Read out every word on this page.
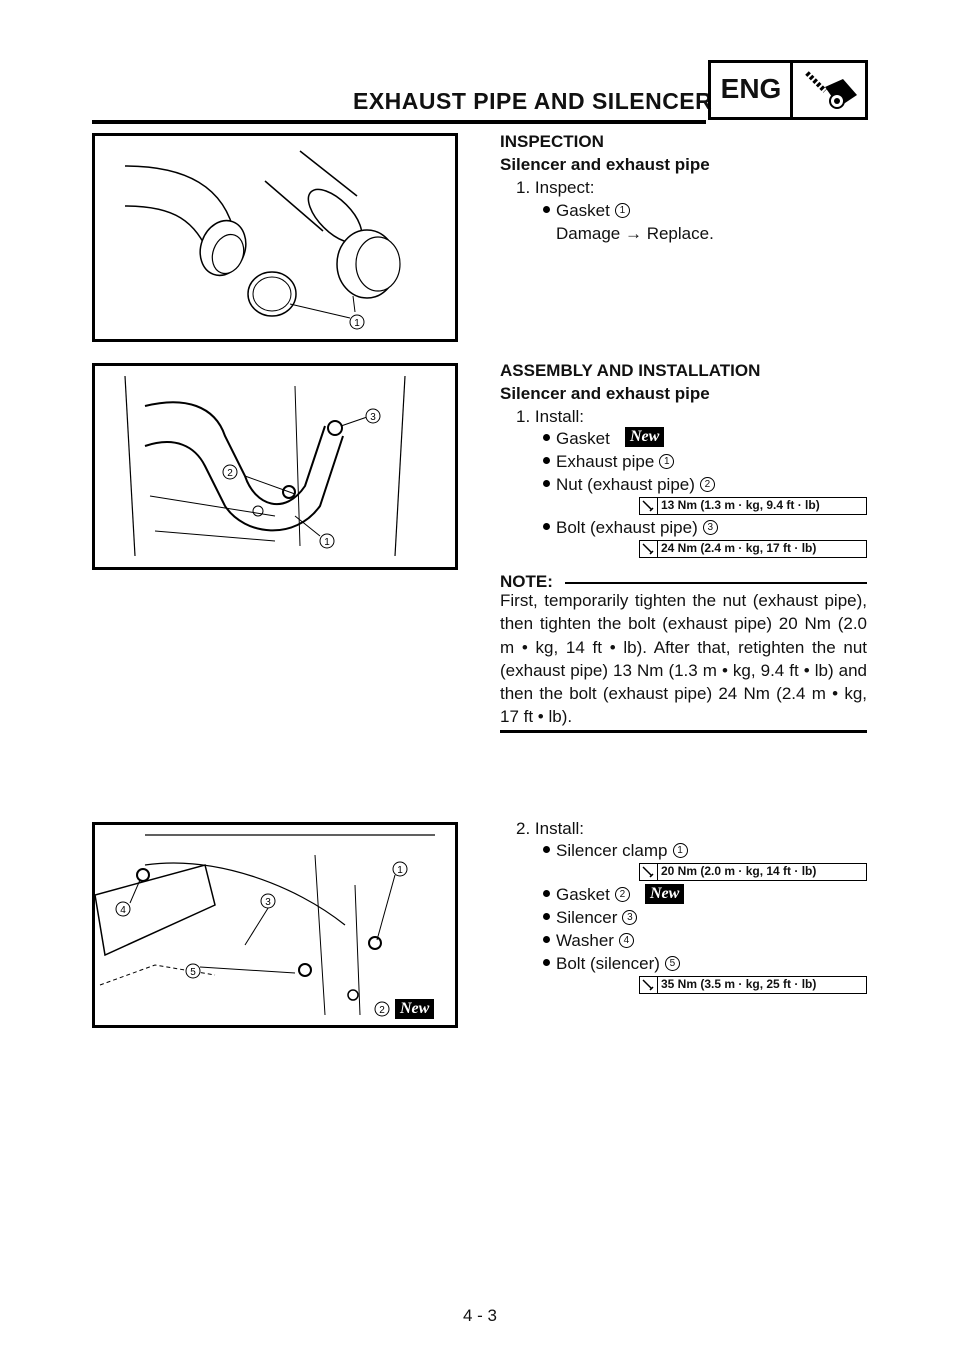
EXHAUST PIPE AND SILENCER ENG
1
INSPECTION
Silencer and exhaust pipe
1. Inspect:
Gasket 1
Damage → Replace.
3
2
1
ASSEMBLY AND INSTALLATION
Silencer and exhaust pipe
1. Install:
Gasket	New
Exhaust pipe 1
Nut (exhaust pipe) 2
13 Nm (1.3 m · kg, 9.4 ft · lb)
Bolt (exhaust pipe) 3
24 Nm (2.4 m · kg, 17 ft · lb)
NOTE:
First, temporarily tighten the nut (exhaust pipe), then tighten the bolt (exhaust pipe) 20 Nm (2.0 m • kg, 14 ft • lb). After that, retighten the nut (exhaust pipe) 13 Nm (1.3 m • kg, 9.4 ft • lb) and then the bolt (exhaust pipe) 24 Nm (2.4 m • kg, 17 ft • lb).
1
4
3
5
2 New
2. Install:
Silencer clamp 1
20 Nm (2.0 m · kg, 14 ft · lb)
Gasket 2	New
Silencer 3
Washer 4
Bolt (silencer) 5
35 Nm (3.5 m · kg, 25 ft · lb)
4 - 3
